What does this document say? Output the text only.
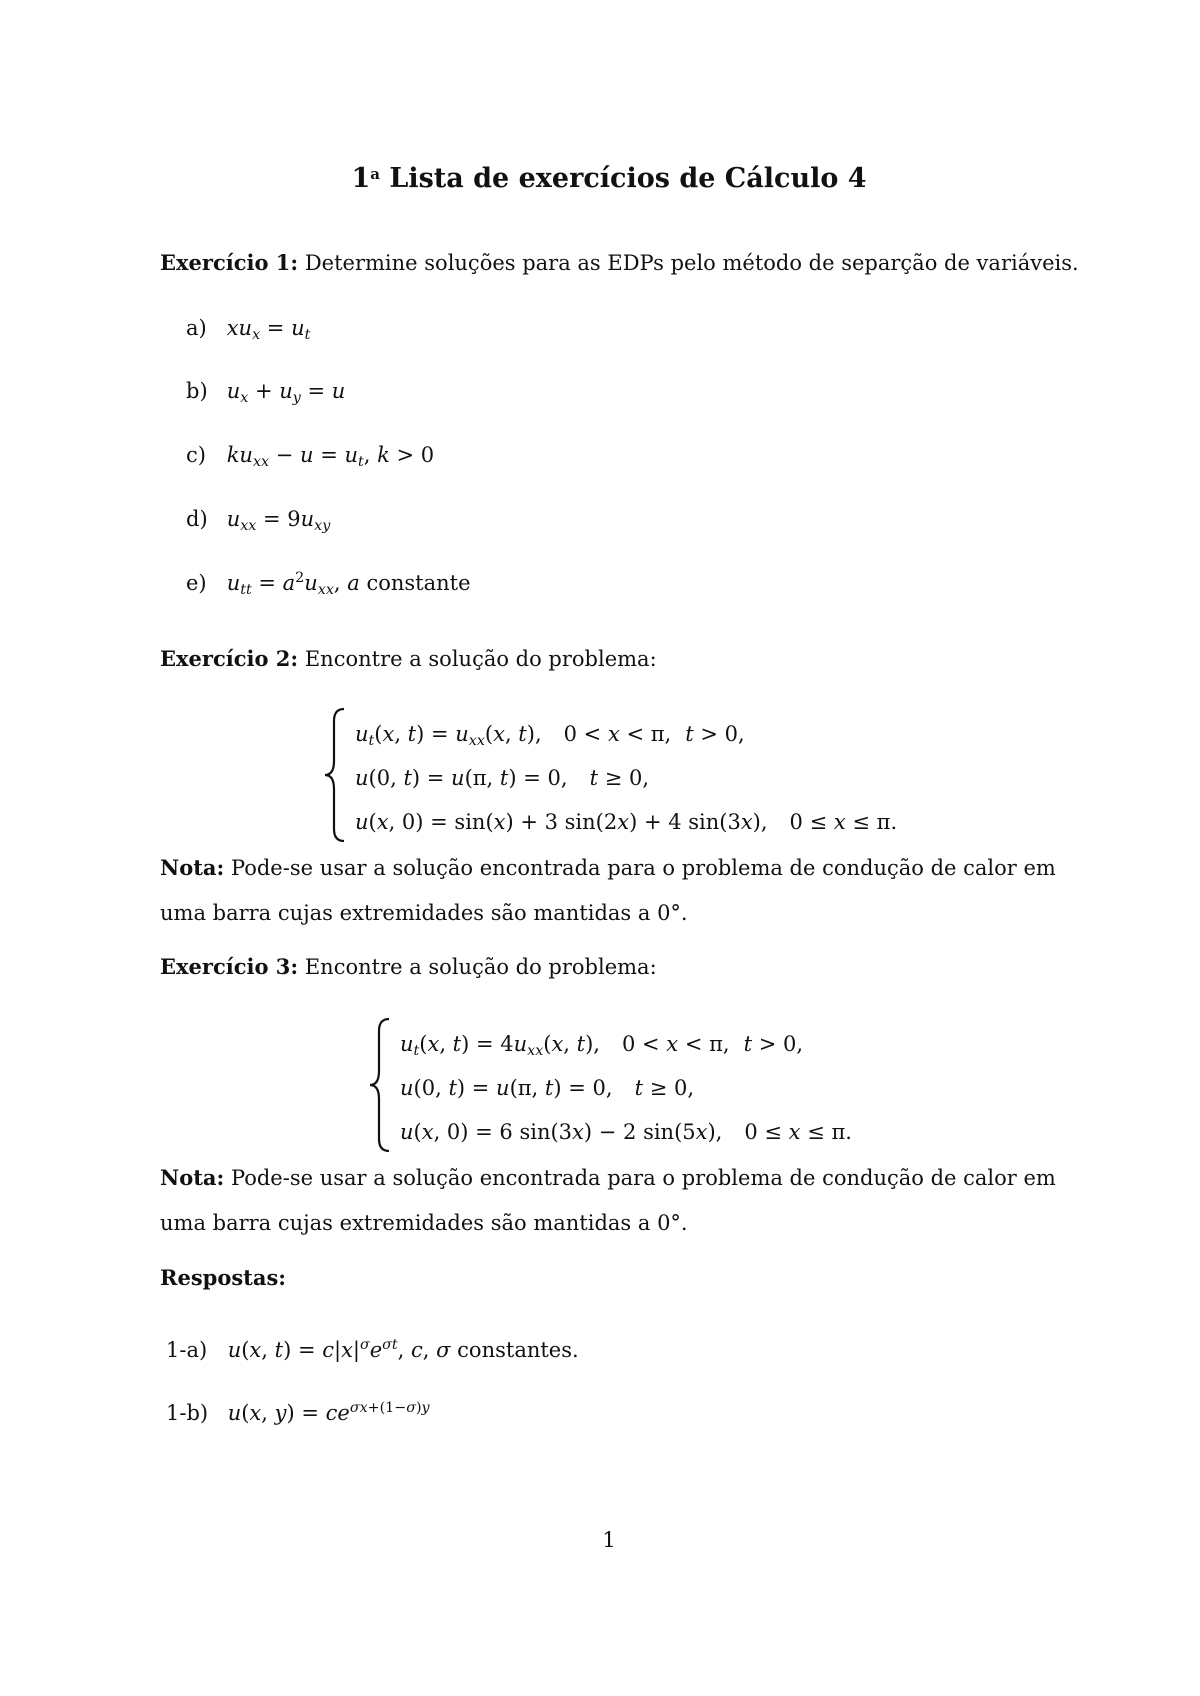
1$^a$ Lista de exercícios de Cálculo 4
Exercício 1: Determine soluções para as EDPs pelo método de separção de variáveis.
a) $xu_x = u_t$
b) $u_x + u_y = u$
c) $ku_{xx} - u = u_t$, k > 0
d) $u_{xx} = 9u_{xy}$
e) $u_{tt} = a^2u_{xx}$, a constante
Exercício 2: Encontre a solução do problema:
$u_t(x$, $t) = u_{xx}(x$, t), 0 < x < π, t > 0,
u(0, t) = u(π, t) = 0, t ≥ 0,
u(x, 0) = sin(x) + 3 sin(2x) + 4 sin(3x), 0 ≤ x ≤ π.
Nota: Pode-se usar a solução encontrada para o problema de condução de calor em
uma barra cujas extremidades são mantidas a 0°.
Exercício 3: Encontre a solução do problema:
$u_t(x$, $t) = 4u_{xx}(x$, t), 0 < x < π, t > 0,
u(0, t) = u(π, t) = 0, t ≥ 0,
u(x, 0) = 6 sin(3x) − 2 sin(5x), 0 ≤ x ≤ π.
Nota: Pode-se usar a solução encontrada para o problema de condução de calor em
uma barra cujas extremidades são mantidas a 0°.
Respostas:
1-a) u(x, $t) = c|x|^\sigma e^{\sigma t}$, c, σ constantes.
1-b) u(x, $y) = ce^{\sigma x+(1-\sigma)y}$
1
